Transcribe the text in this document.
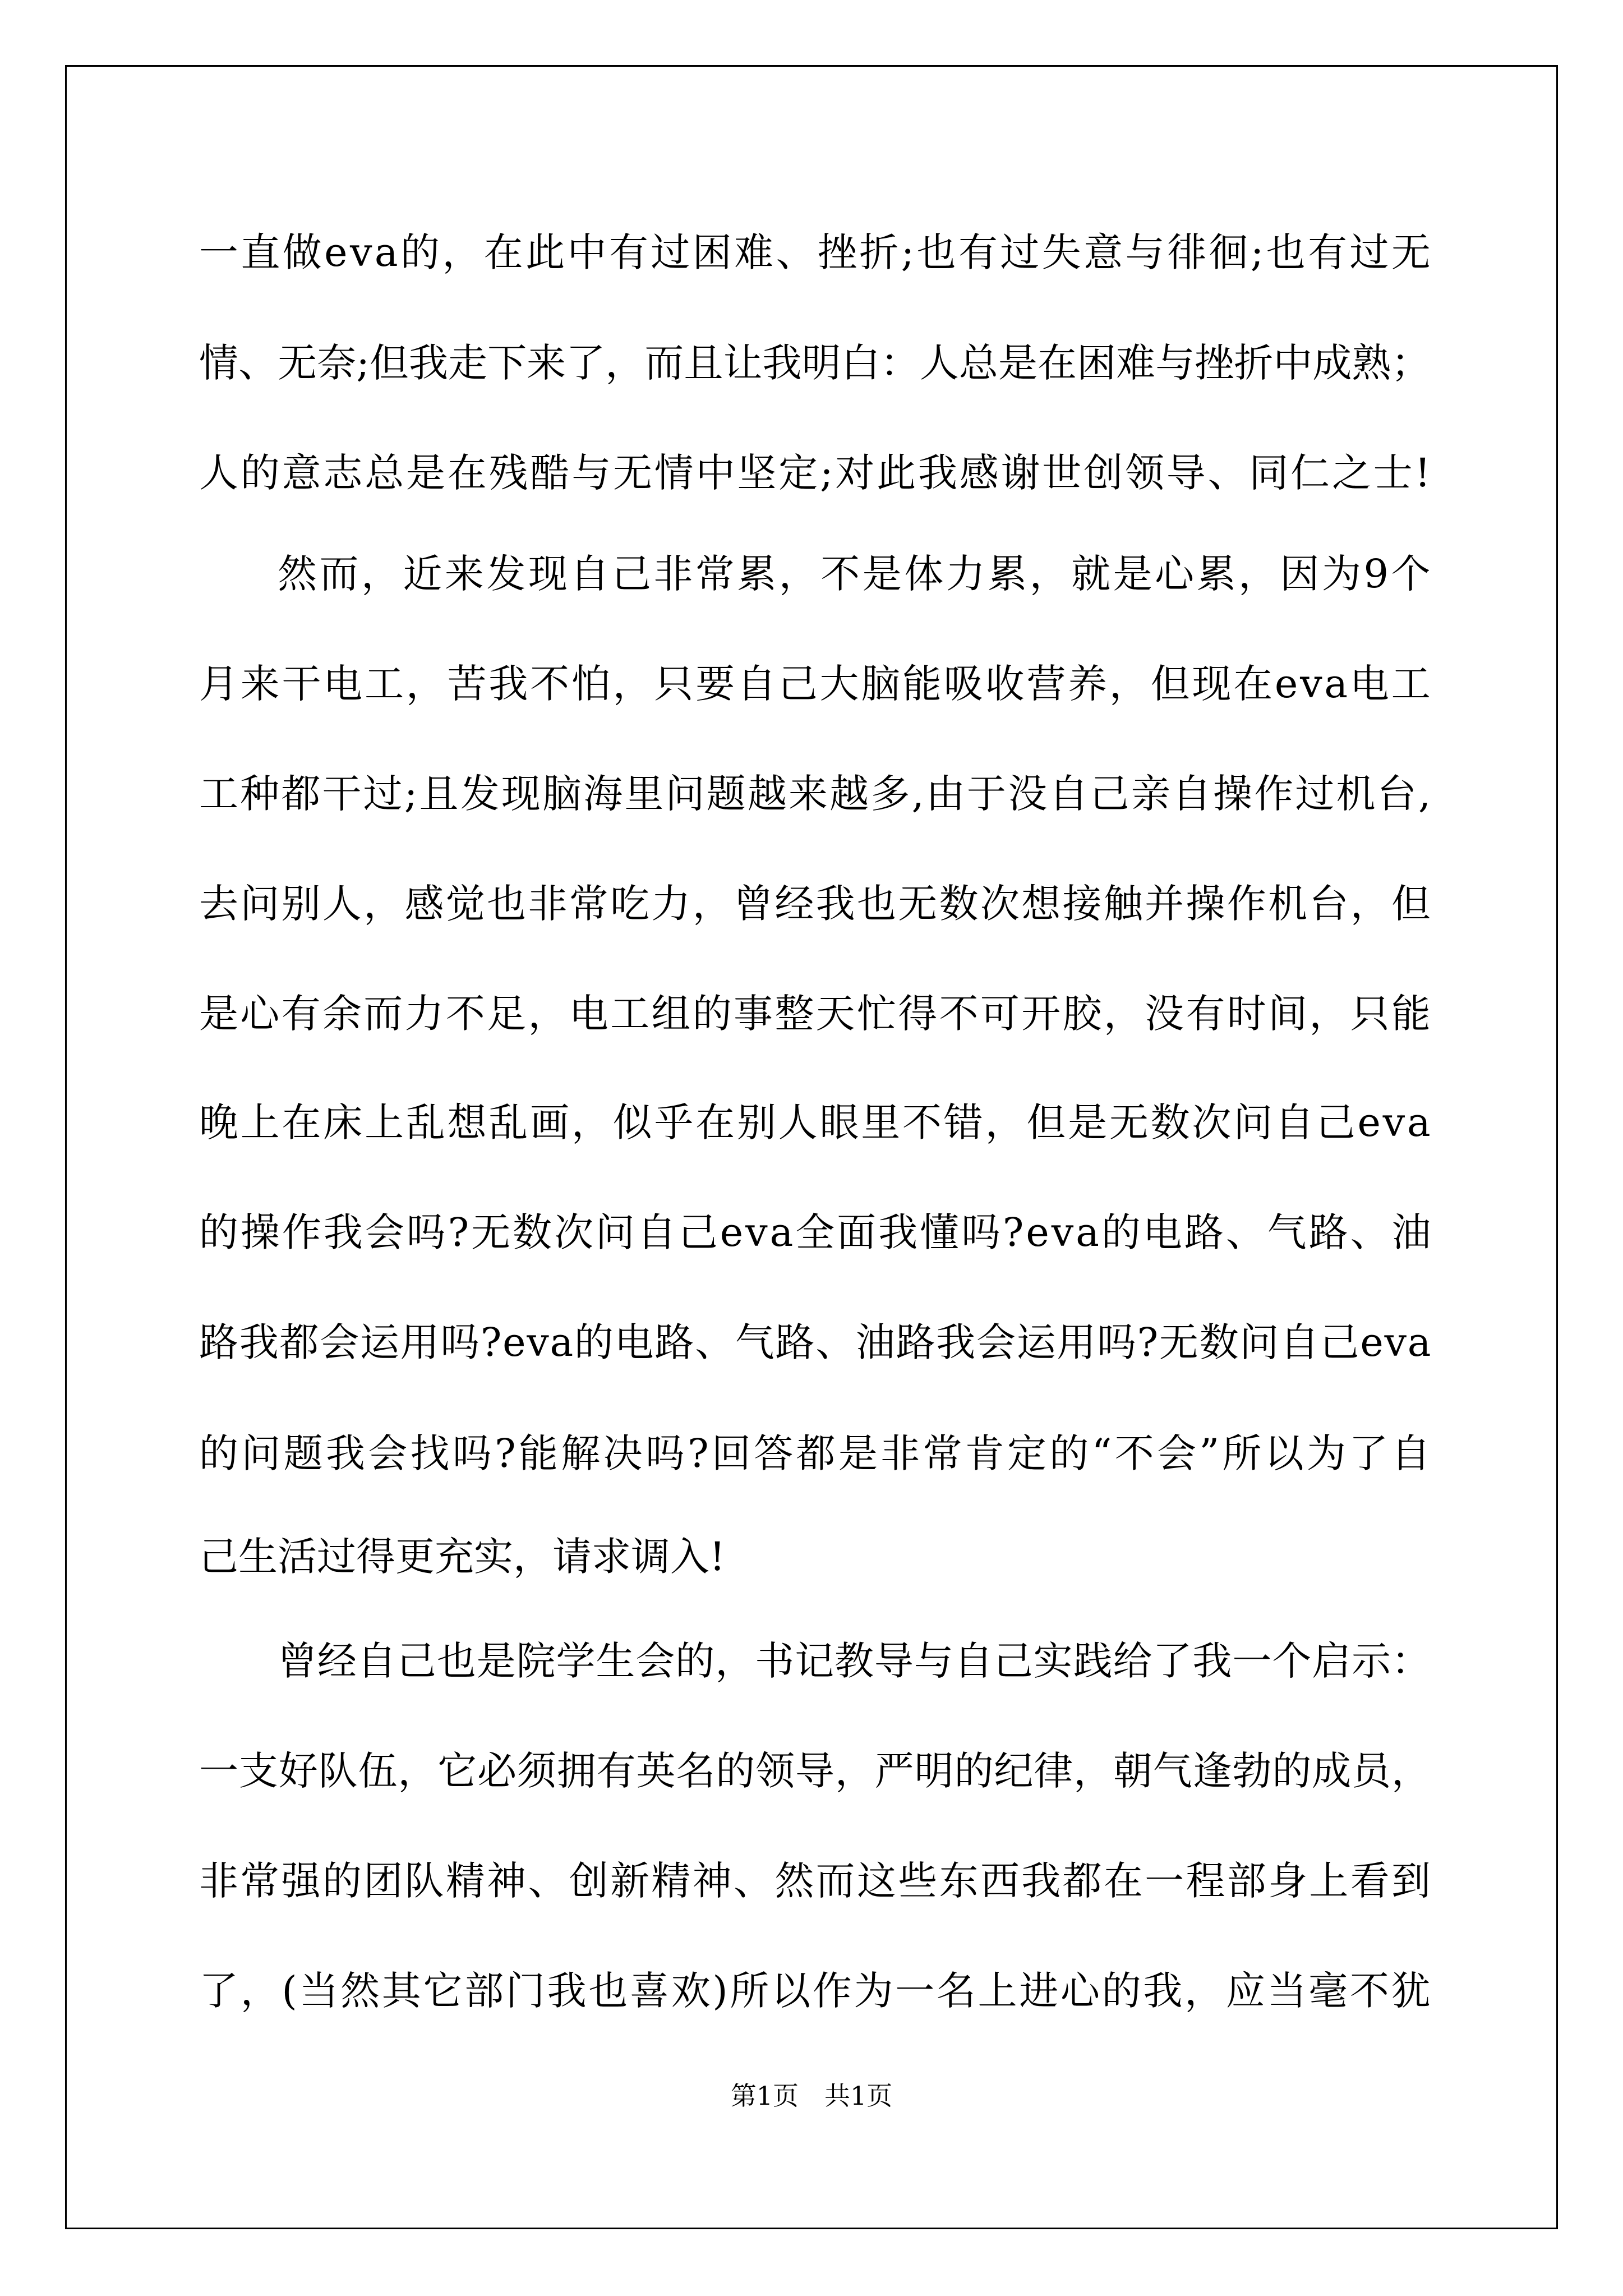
一直做eva的，在此中有过困难、挫折;也有过失意与徘徊;也有过无
情、无奈;但我走下来了，而且让我明白：人总是在困难与挫折中成熟；
人的意志总是在残酷与无情中坚定;对此我感谢世创领导、同仁之士!
然而，近来发现自己非常累，不是体力累，就是心累，因为9个
月来干电工，苦我不怕，只要自己大脑能吸收营养，但现在eva电工
工种都干过;且发现脑海里问题越来越多,由于没自己亲自操作过机台,
去问别人，感觉也非常吃力，曾经我也无数次想接触并操作机台，但
是心有余而力不足，电工组的事整天忙得不可开胶，没有时间，只能
晚上在床上乱想乱画，似乎在别人眼里不错，但是无数次问自己eva
的操作我会吗?无数次问自己eva全面我懂吗?eva的电路、气路、油
路我都会运用吗?eva的电路、气路、油路我会运用吗?无数问自己eva
的问题我会找吗?能解决吗?回答都是非常肯定的“不会”所以为了自
己生活过得更充实，请求调入!
曾经自己也是院学生会的，书记教导与自己实践给了我一个启示：
一支好队伍，它必须拥有英名的领导，严明的纪律，朝气逢勃的成员，
非常强的团队精神、创新精神、然而这些东西我都在一程部身上看到
了，(当然其它部门我也喜欢)所以作为一名上进心的我，应当毫不犹
第1页　共1页
